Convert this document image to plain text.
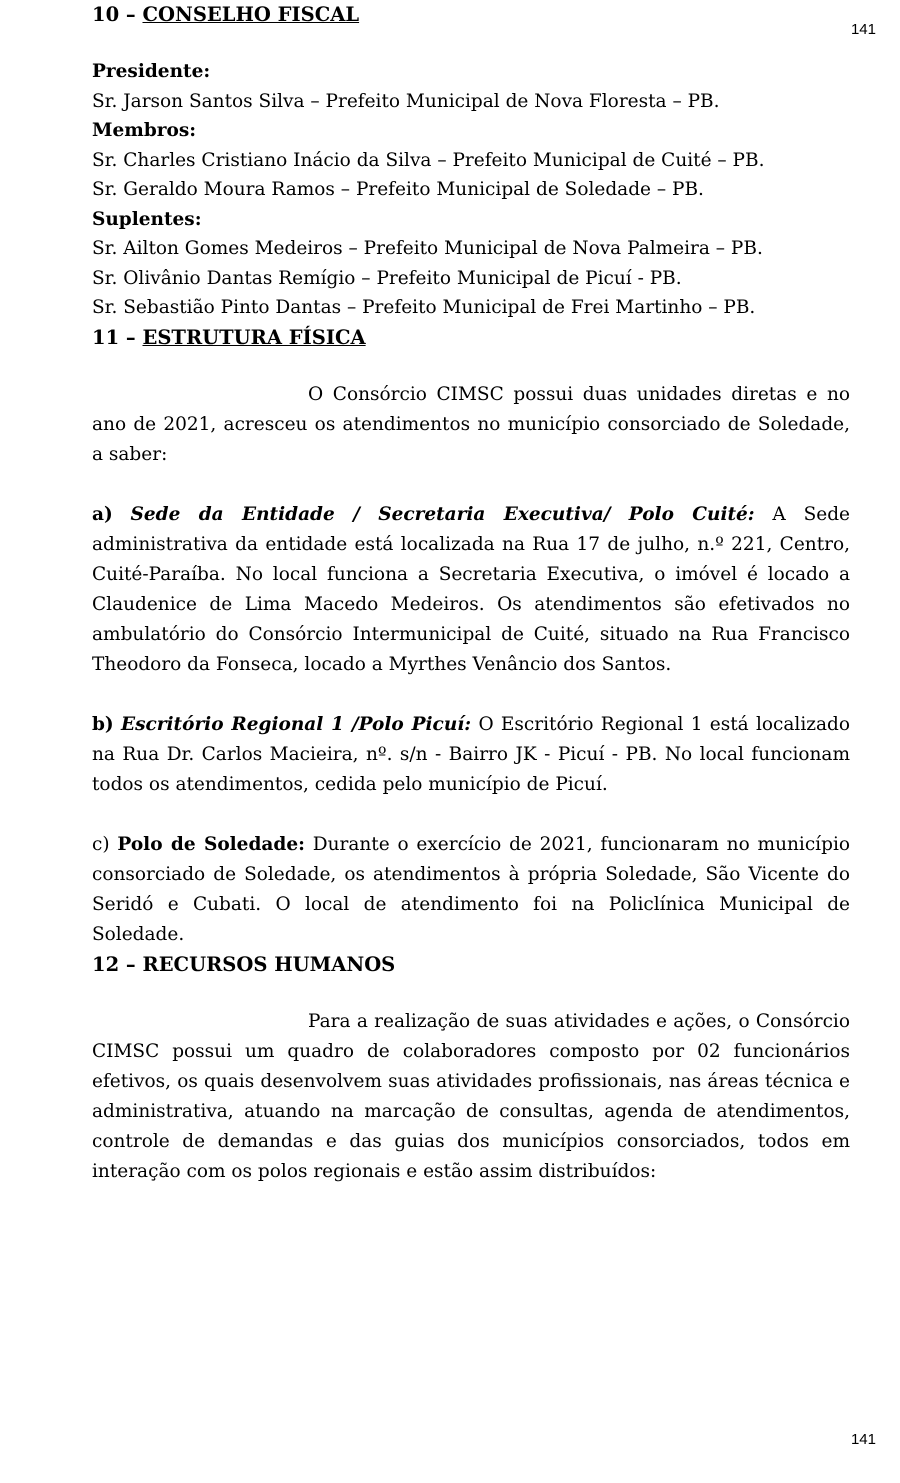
141
10 – CONSELHO FISCAL
Presidente:
Sr. Jarson Santos Silva – Prefeito Municipal de Nova Floresta – PB.
Membros:
Sr. Charles Cristiano Inácio da Silva – Prefeito Municipal de Cuité – PB.
Sr. Geraldo Moura Ramos – Prefeito Municipal de Soledade – PB.
Suplentes:
Sr. Ailton Gomes Medeiros – Prefeito Municipal de Nova Palmeira – PB.
Sr. Olivânio Dantas Remígio – Prefeito Municipal de Picuí - PB.
Sr. Sebastião Pinto Dantas – Prefeito Municipal de Frei Martinho – PB.
11 – ESTRUTURA FÍSICA

O Consórcio CIMSC possui duas unidades diretas e no ano de 2021, acresceu os atendimentos no município consorciado de Soledade, a saber:

a) Sede da Entidade / Secretaria Executiva/ Polo Cuité: A Sede administrativa da entidade está localizada na Rua 17 de julho, n.º 221, Centro, Cuité-Paraíba. No local funciona a Secretaria Executiva, o imóvel é locado a Claudenice de Lima Macedo Medeiros. Os atendimentos são efetivados no ambulatório do Consórcio Intermunicipal de Cuité, situado na Rua Francisco Theodoro da Fonseca, locado a Myrthes Venâncio dos Santos.

b) Escritório Regional 1 /Polo Picuí: O Escritório Regional 1 está localizado na Rua Dr. Carlos Macieira, nº. s/n - Bairro JK - Picuí - PB. No local funcionam todos os atendimentos, cedida pelo município de Picuí.

c) Polo de Soledade: Durante o exercício de 2021, funcionaram no município consorciado de Soledade, os atendimentos à própria Soledade, São Vicente do Seridó e Cubati. O local de atendimento foi na Policlínica Municipal de Soledade.

12 – RECURSOS HUMANOS

Para a realização de suas atividades e ações, o Consórcio CIMSC possui um quadro de colaboradores composto por 02 funcionários efetivos, os quais desenvolvem suas atividades profissionais, nas áreas técnica e administrativa, atuando na marcação de consultas, agenda de atendimentos, controle de demandas e das guias dos municípios consorciados, todos em interação com os polos regionais e estão assim distribuídos:

141
